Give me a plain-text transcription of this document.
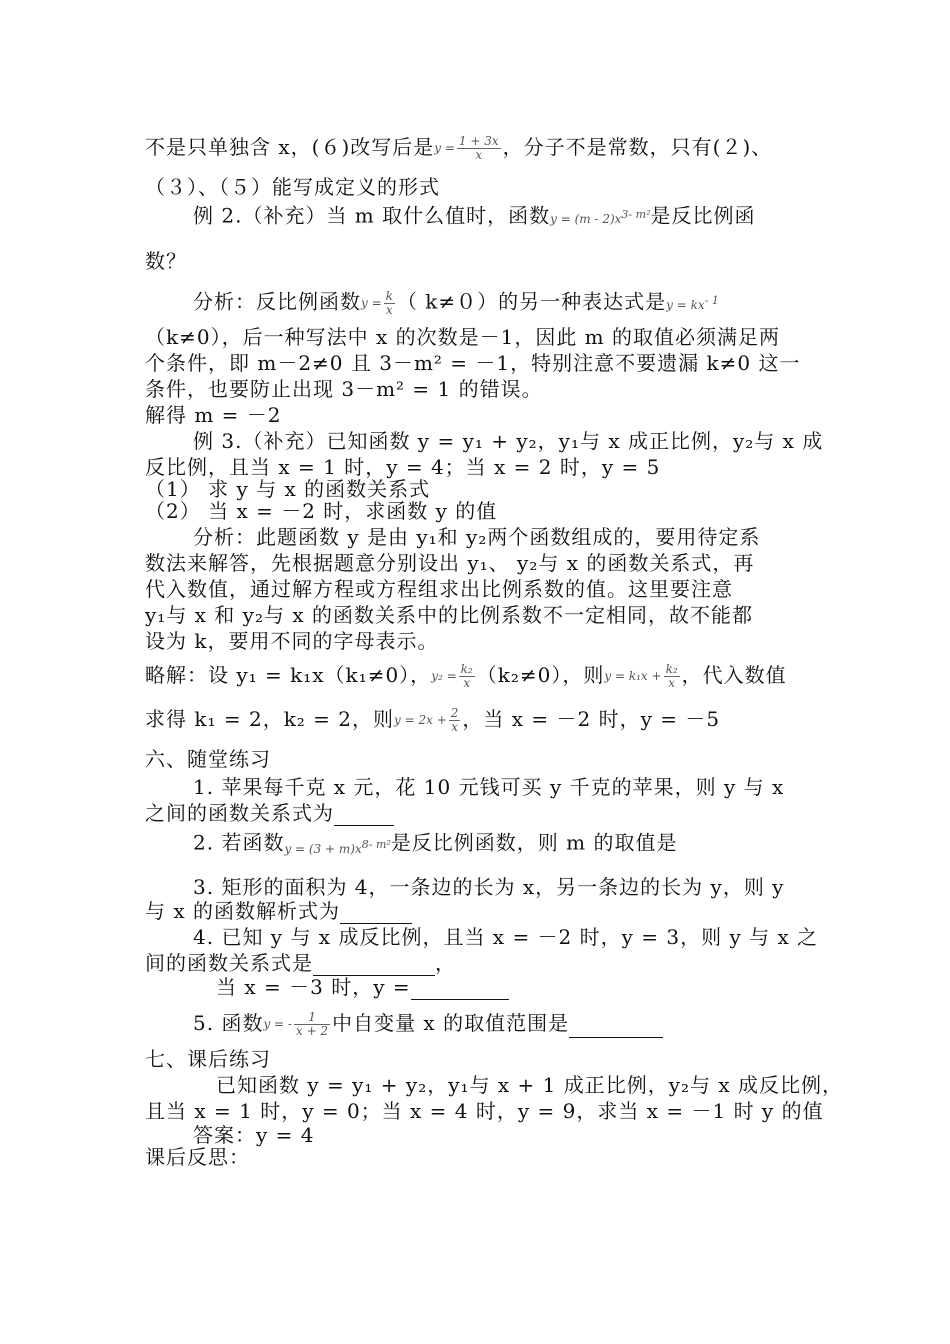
不是只单独含 x，(６)改写后是$y = \frac{1 + 3x}{x}$ ，分子不是常数，只有(２)、
（３）、（５）能写成定义的形式
例 2.（补充）当 m 取什么值时，函数$y = (m - 2)x^{3- m^2}$是反比例函
数？
分析：反比例函数$y = \frac{k}{x}$ （ k≠０）的另一种表达式是$y = kx^{- 1}$
（k≠0），后一种写法中 x 的次数是－1，因此 m 的取值必须满足两
个条件，即 m－2≠0 且 3－m² = －1，特别注意不要遗漏 k≠0 这一
条件，也要防止出现 3－m² = 1 的错误。
解得 m = －2
例 3.（补充）已知函数 y = y₁ + y₂，y₁与 x 成正比例，y₂与 x 成
反比例，且当 x = 1 时，y = 4；当 x = 2 时，y = 5
（1） 求 y 与 x 的函数关系式
（2） 当 x = －2 时，求函数 y 的值
分析：此题函数 y 是由 y₁和 y₂两个函数组成的，要用待定系
数法来解答，先根据题意分别设出 y₁、 y₂与 x 的函数关系式，再
代入数值，通过解方程或方程组求出比例系数的值。这里要注意
y₁与 x 和 y₂与 x 的函数关系中的比例系数不一定相同，故不能都
设为 k，要用不同的字母表示。
略解：设 y₁ = k₁x（k₁≠0），$y_2 = \frac{\text{k₂}}{x} (k_2\ne 0)$，则$y = k_1x + \frac{\text{k₂}}{x}$ ，代入数值
求得 k₁ = 2，k₂ = 2，则$y = 2x + \frac{2}{x}$ ，当 x = －2 时，y = －5
六、随堂练习
1. 苹果每千克 x 元，花 10 元钱可买 y 千克的苹果，则 y 与 x
之间的函数关系式为
2. 若函数$y = (3 + m)x^{8- m^2}$是反比例函数，则 m 的取值是
3. 矩形的面积为 4，一条边的长为 x，另一条边的长为 y，则 y
与 x 的函数解析式为
4. 已知 y 与 x 成反比例，且当 x = －2 时，y = 3，则 y 与 x 之
间的函数关系式是	，
当 x = －3 时，y =
5. 函数y = - $\frac{1}{x + 2}$ 中自变量 x 的取值范围是
七、课后练习
已知函数 y = y₁ + y₂，y₁与 x + 1 成正比例，y₂与 x 成反比例，
且当 x = 1 时，y = 0；当 x = 4 时，y = 9，求当 x = －1 时 y 的值
答案：y = 4
课后反思：
